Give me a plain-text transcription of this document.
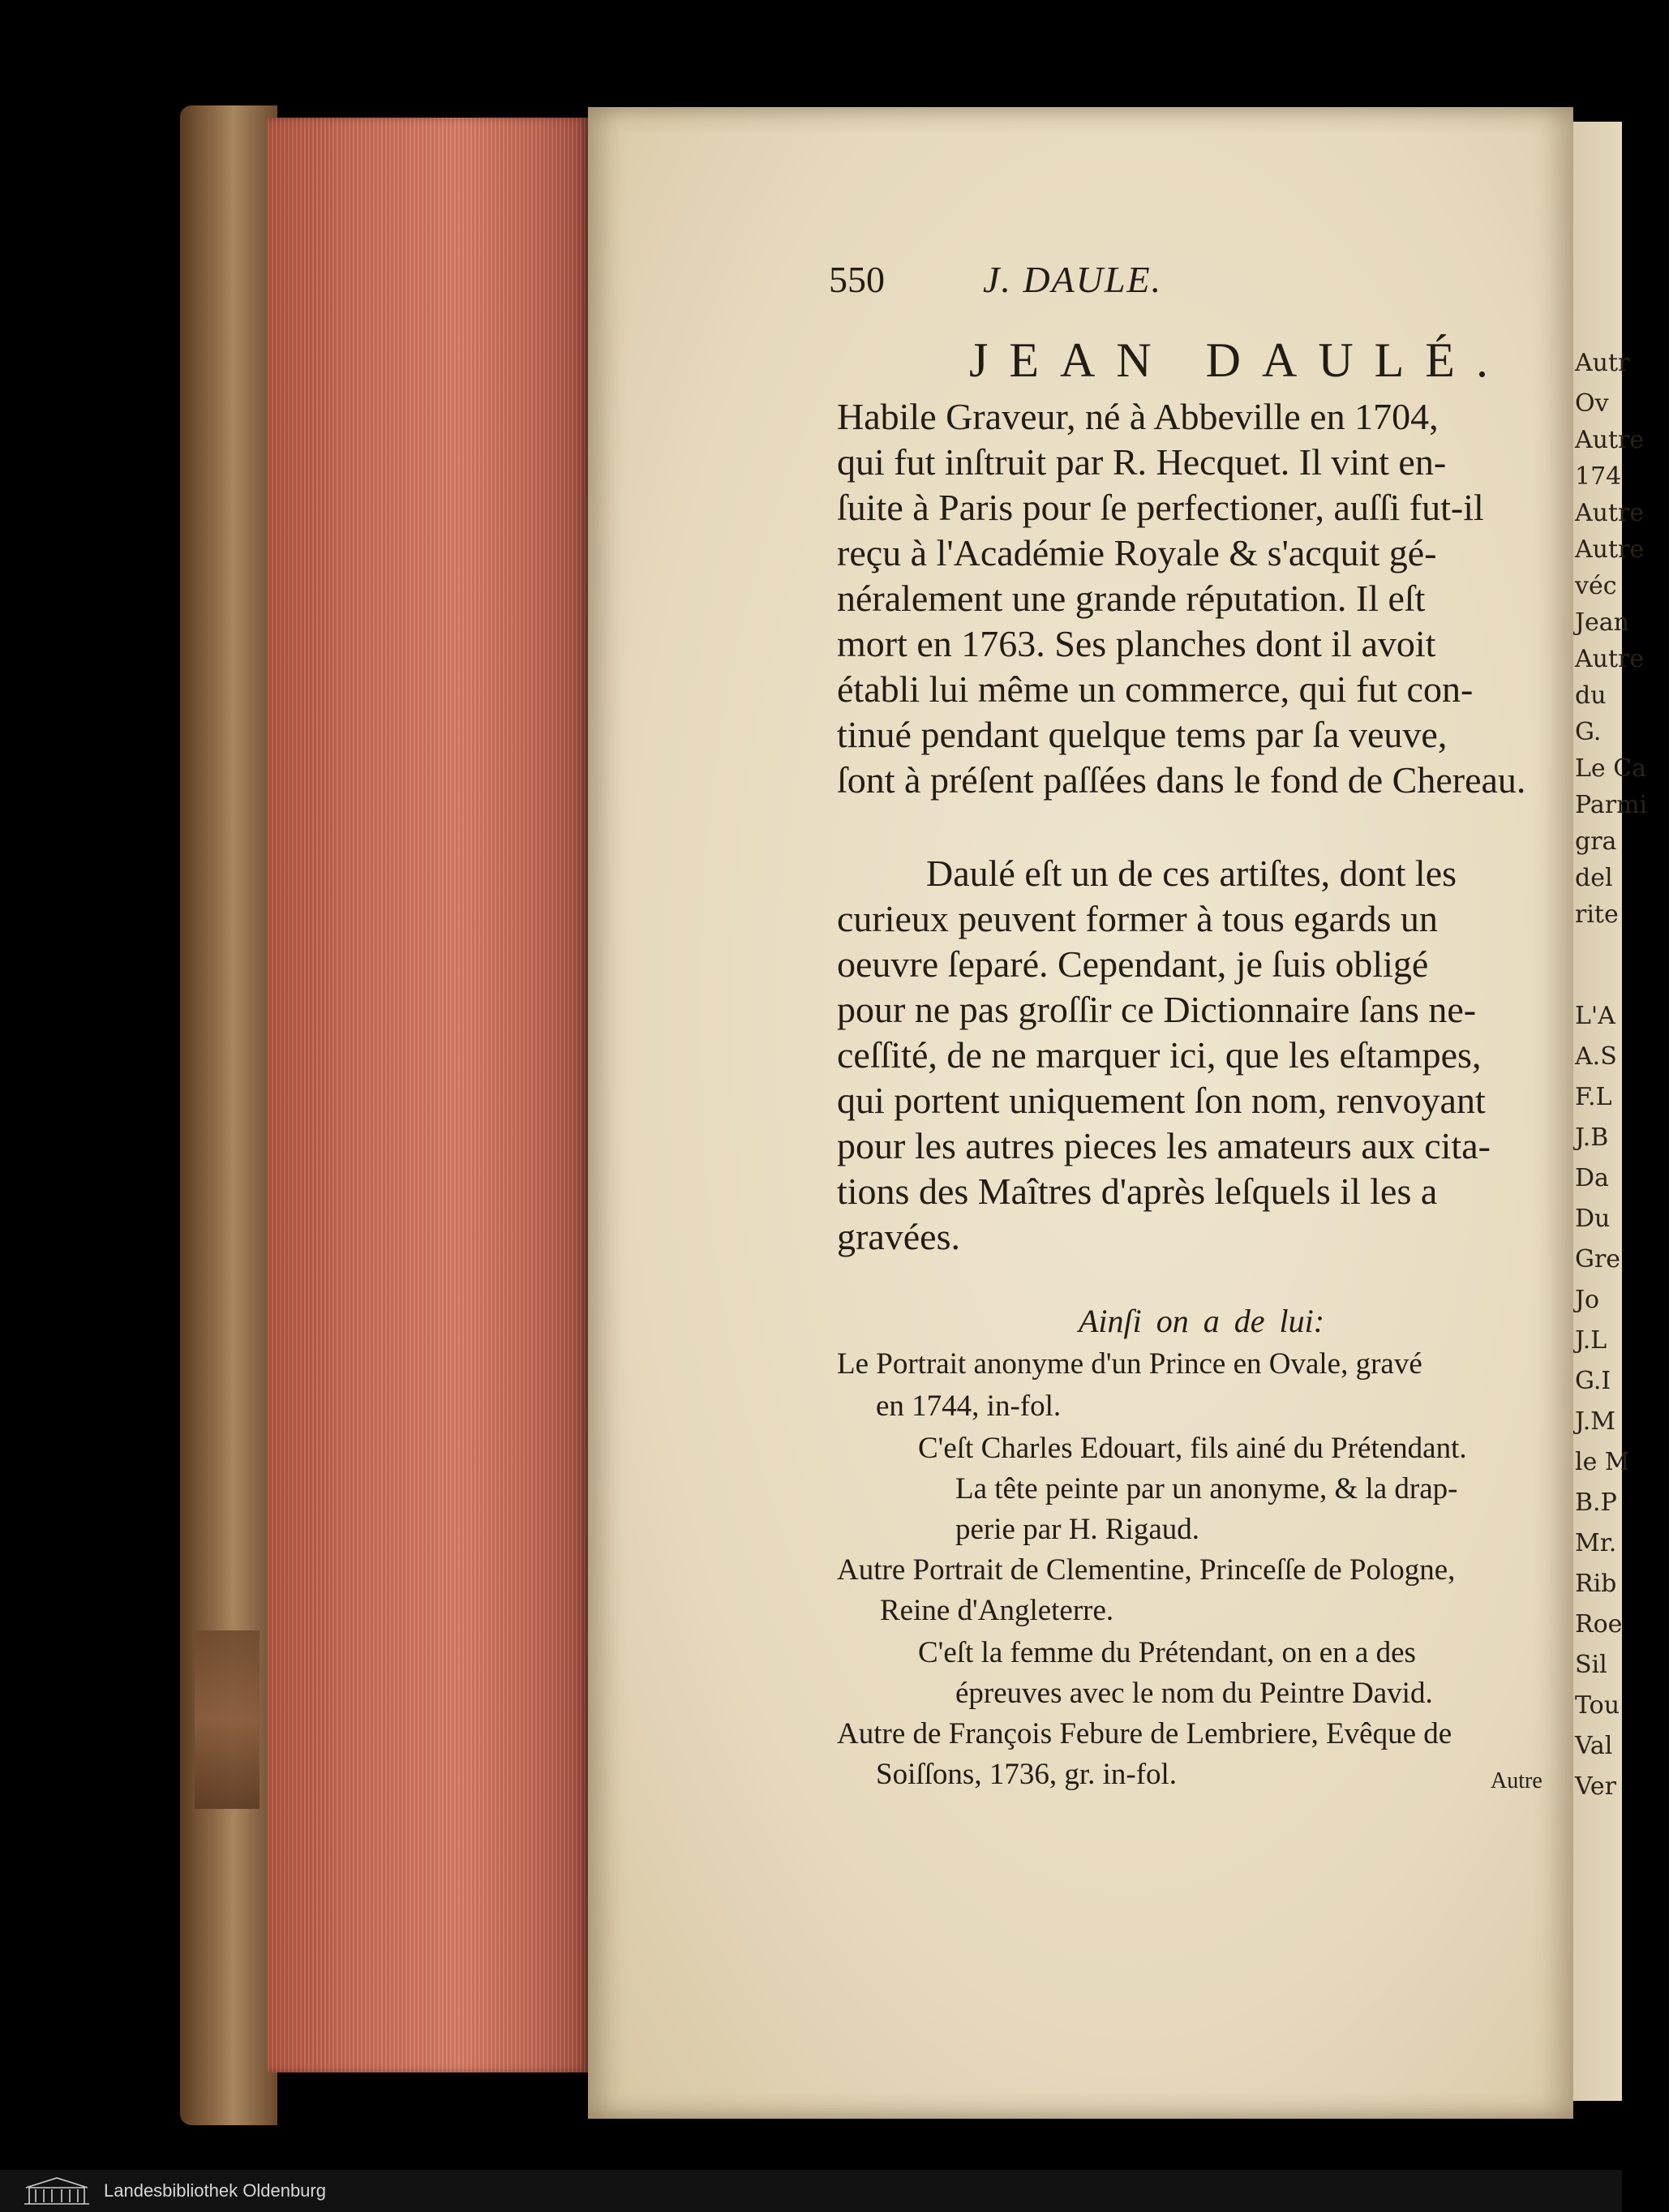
Autr
Ov
Autre
174
Autre
Autre
véc
Jean
Autre
du
G.
Le Ca
Parmi
gra
del
rite
L'A
A.S
F.L
J.B
Da
Du
Gre
Jo
J.L
G.I
J.M
le M
B.P
Mr.
Rib
Roe
Sil
Tou
Val
Ver
550	J. DAULE.
JEAN DAULÉ.
Habile Graveur, né à Abbeville en 1704,
qui fut inſtruit par R. Hecquet. Il vint en-
ſuite à Paris pour ſe perfectioner, auſſi fut-il
reçu à l'Académie Royale & s'acquit gé-
néralement une grande réputation. Il eſt
mort en 1763. Ses planches dont il avoit
établi lui même un commerce, qui fut con-
tinué pendant quelque tems par ſa veuve,
ſont à préſent paſſées dans le fond de Chereau.
Daulé eſt un de ces artiſtes, dont les
curieux peuvent former à tous egards un
oeuvre ſeparé. Cependant, je ſuis obligé
pour ne pas groſſir ce Dictionnaire ſans ne-
ceſſité, de ne marquer ici, que les eſtampes,
qui portent uniquement ſon nom, renvoyant
pour les autres pieces les amateurs aux cita-
tions des Maîtres d'après leſquels il les a
gravées.
Ainſi on a de lui:
Le Portrait anonyme d'un Prince en Ovale, gravé
en 1744, in-fol.
C'eſt Charles Edouart, fils ainé du Prétendant.
La tête peinte par un anonyme, & la drap-
perie par H. Rigaud.
Autre Portrait de Clementine, Princeſſe de Pologne,
Reine d'Angleterre.
C'eſt la femme du Prétendant, on en a des
épreuves avec le nom du Peintre David.
Autre de François Febure de Lembriere, Evêque de
Soiſſons, 1736, gr. in-fol.	Autre
Landesbibliothek Oldenburg
